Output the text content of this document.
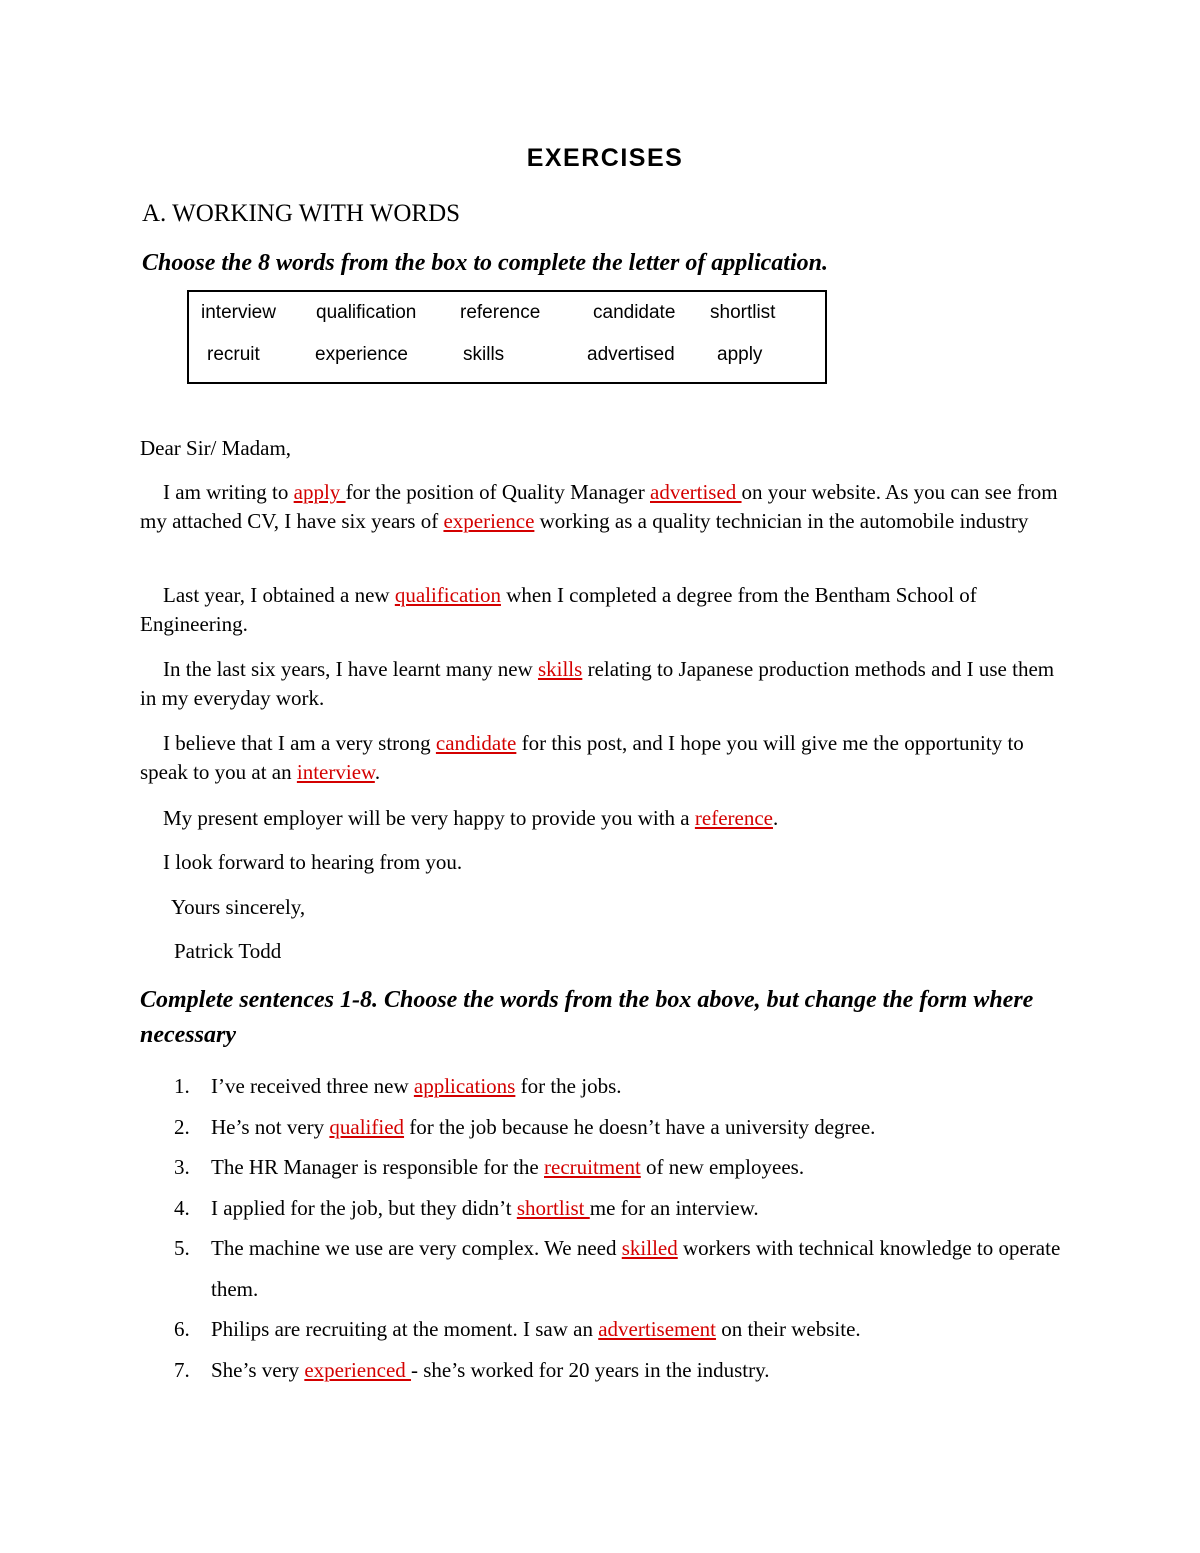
EXERCISES
A. WORKING WITH WORDS
Choose the 8 words from the box to complete the letter of application.
interview qualification reference	candidate shortlist
recruit	experience	skills	advertised apply

Dear Sir/ Madam,

I am writing to apply for the position of Quality Manager advertised on your website. As you can see from my attached CV, I have six years of experience working as a quality technician in the automobile industry

Last year, I obtained a new qualification when I completed a degree from the Bentham School of Engineering.

In the last six years, I have learnt many new skills relating to Japanese production methods and I use them in my everyday work.

I believe that I am a very strong candidate for this post, and I hope you will give me the opportunity to speak to you at an interview.

My present employer will be very happy to provide you with a reference.

I look forward to hearing from you.

Yours sincerely,

Patrick Todd

Complete sentences 1-8. Choose the words from the box above, but change the form where necessary
1. I’ve received three new applications for the jobs.
2. He’s not very qualified for the job because he doesn’t have a university degree.
3. The HR Manager is responsible for the recruitment of new employees.
4. I applied for the job, but they didn’t shortlist me for an interview.
5. The machine we use are very complex. We need skilled workers with technical knowledge to operate them.
6. Philips are recruiting at the moment. I saw an advertisement on their website.
7. She’s very experienced - she’s worked for 20 years in the industry.
